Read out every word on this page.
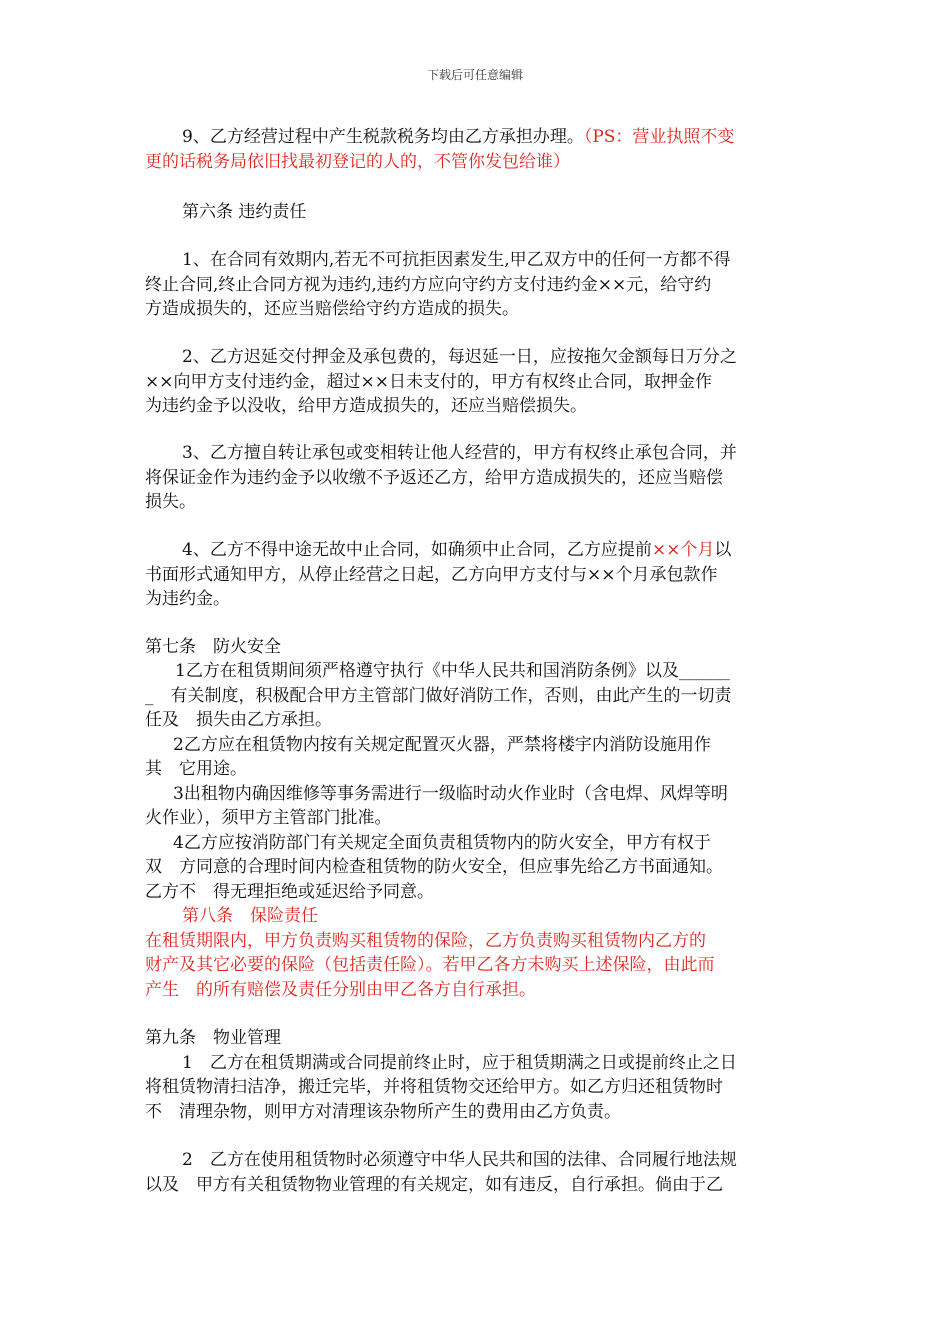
下载后可任意编辑
9、乙方经营过程中产生税款税务均由乙方承担办理。（PS：营业执照不变
更的话税务局依旧找最初登记的人的，不管你发包给谁）
第六条 违约责任
1、在合同有效期内,若无不可抗拒因素发生,甲乙双方中的任何一方都不得
终止合同,终止合同方视为违约,违约方应向守约方支付违约金××元，给守约
方造成损失的，还应当赔偿给守约方造成的损失。
2、乙方迟延交付押金及承包费的，每迟延一日，应按拖欠金额每日万分之
××向甲方支付违约金，超过××日未支付的，甲方有权终止合同，取押金作
为违约金予以没收，给甲方造成损失的，还应当赔偿损失。
3、乙方擅自转让承包或变相转让他人经营的，甲方有权终止承包合同，并
将保证金作为违约金予以收缴不予返还乙方，给甲方造成损失的，还应当赔偿
损失。
4、乙方不得中途无故中止合同，如确须中止合同，乙方应提前××个月以
书面形式通知甲方，从停止经营之日起，乙方向甲方支付与××个月承包款作
为违约金。
第七条　防火安全
1乙方在租赁期间须严格遵守执行《中华人民共和国消防条例》以及______
_　有关制度，积极配合甲方主管部门做好消防工作，否则，由此产生的一切责
任及　损失由乙方承担。
2乙方应在租赁物内按有关规定配置灭火器，严禁将楼宇内消防设施用作
其　它用途。
3出租物内确因维修等事务需进行一级临时动火作业时（含电焊、风焊等明
火作业），须甲方主管部门批准。
4乙方应按消防部门有关规定全面负责租赁物内的防火安全，甲方有权于
双　方同意的合理时间内检查租赁物的防火安全，但应事先给乙方书面通知。
乙方不　得无理拒绝或延迟给予同意。
第八条　保险责任
在租赁期限内，甲方负责购买租赁物的保险，乙方负责购买租赁物内乙方的
财产及其它必要的保险（包括责任险）。若甲乙各方未购买上述保险，由此而
产生　的所有赔偿及责任分别由甲乙各方自行承担。
第九条　物业管理
1　乙方在租赁期满或合同提前终止时，应于租赁期满之日或提前终止之日
将租赁物清扫洁净，搬迁完毕，并将租赁物交还给甲方。如乙方归还租赁物时
不　清理杂物，则甲方对清理该杂物所产生的费用由乙方负责。
2　乙方在使用租赁物时必须遵守中华人民共和国的法律、合同履行地法规
以及　甲方有关租赁物物业管理的有关规定，如有违反，自行承担。倘由于乙
